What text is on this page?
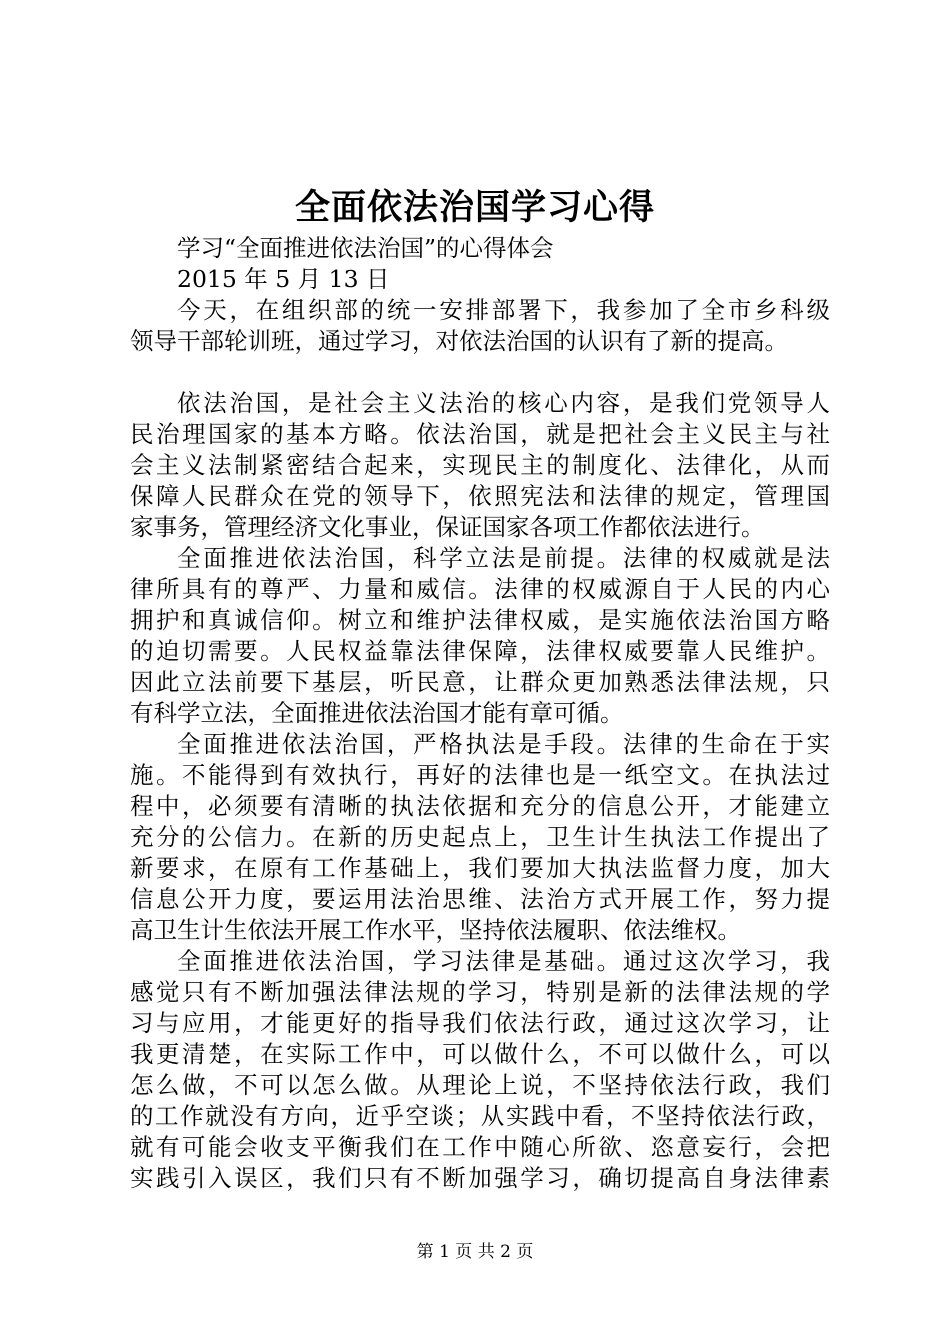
全面依法治国学习心得
学习“全面推进依法治国”的心得体会
2015 年 5 月 13 日
今天，在组织部的统一安排部署下，我参加了全市乡科级
领导干部轮训班，通过学习，对依法治国的认识有了新的提高。
依法治国，是社会主义法治的核心内容，是我们党领导人
民治理国家的基本方略。依法治国，就是把社会主义民主与社
会主义法制紧密结合起来，实现民主的制度化、法律化，从而
保障人民群众在党的领导下，依照宪法和法律的规定，管理国
家事务，管理经济文化事业，保证国家各项工作都依法进行。
全面推进依法治国，科学立法是前提。法律的权威就是法
律所具有的尊严、力量和威信。法律的权威源自于人民的内心
拥护和真诚信仰。树立和维护法律权威，是实施依法治国方略
的迫切需要。人民权益靠法律保障，法律权威要靠人民维护。
因此立法前要下基层，听民意，让群众更加熟悉法律法规，只
有科学立法，全面推进依法治国才能有章可循。
全面推进依法治国，严格执法是手段。法律的生命在于实
施。不能得到有效执行，再好的法律也是一纸空文。在执法过
程中，必须要有清晰的执法依据和充分的信息公开，才能建立
充分的公信力。在新的历史起点上，卫生计生执法工作提出了
新要求，在原有工作基础上，我们要加大执法监督力度，加大
信息公开力度，要运用法治思维、法治方式开展工作，努力提
高卫生计生依法开展工作水平，坚持依法履职、依法维权。
全面推进依法治国，学习法律是基础。通过这次学习，我
感觉只有不断加强法律法规的学习，特别是新的法律法规的学
习与应用，才能更好的指导我们依法行政，通过这次学习，让
我更清楚，在实际工作中，可以做什么，不可以做什么，可以
怎么做，不可以怎么做。从理论上说，不坚持依法行政，我们
的工作就没有方向，近乎空谈；从实践中看，不坚持依法行政，
就有可能会收支平衡我们在工作中随心所欲、恣意妄行，会把
实践引入误区，我们只有不断加强学习，确切提高自身法律素
第 1 页 共 2 页
